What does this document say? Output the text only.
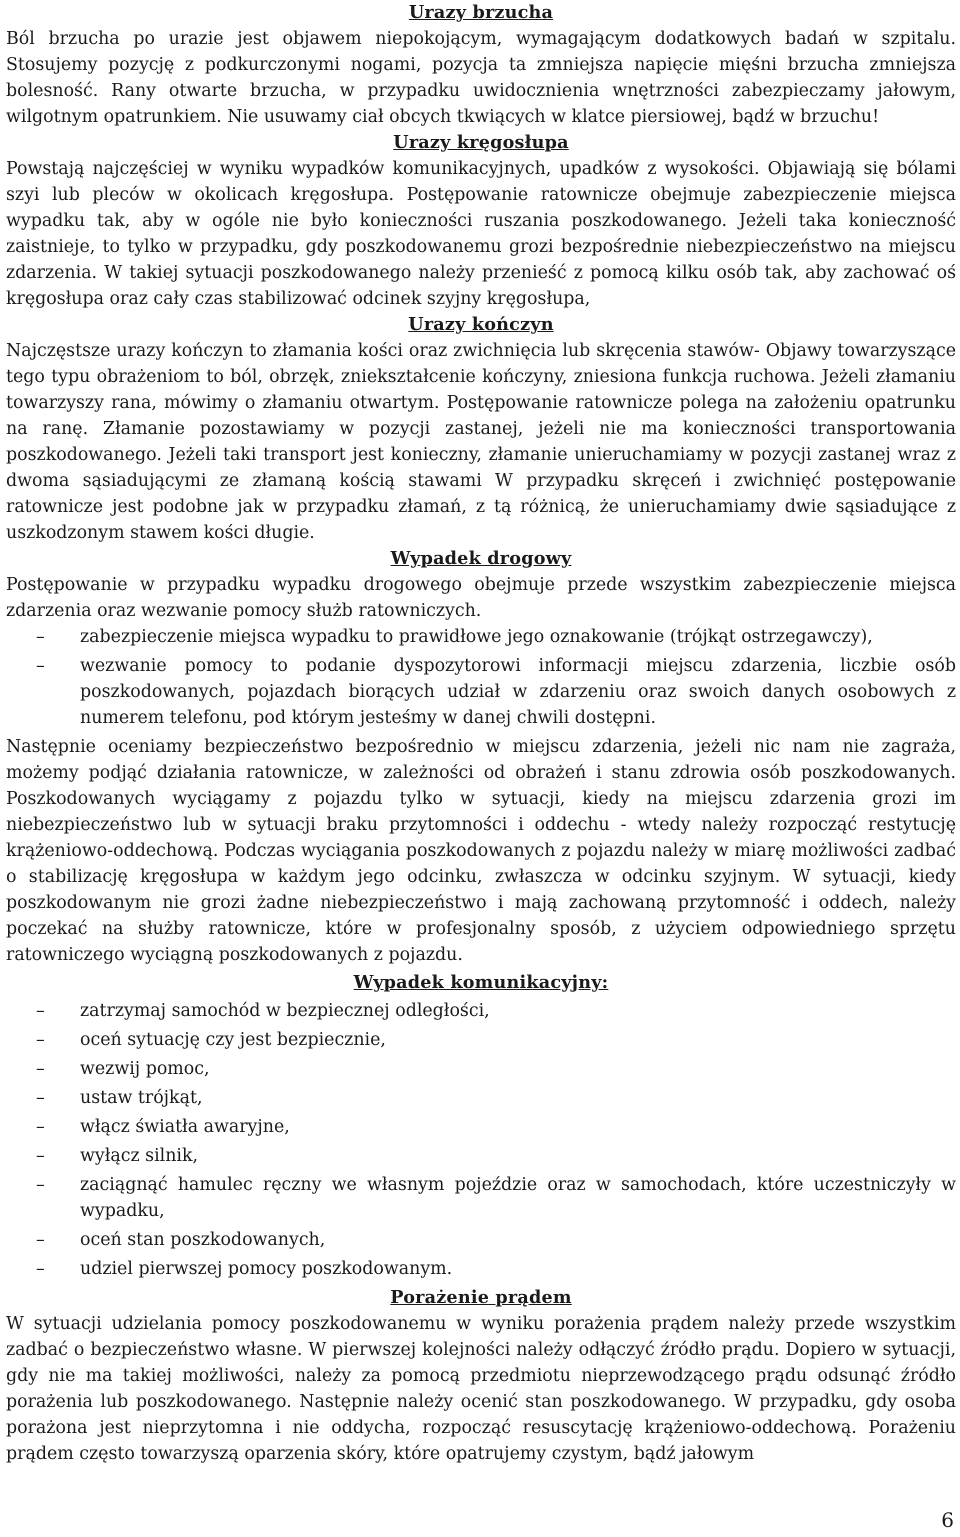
Urazy brzucha

Ból brzucha po urazie jest objawem niepokojącym, wymagającym dodatkowych badań w szpitalu. Stosujemy pozycję z podkurczonymi nogami, pozycja ta zmniejsza napięcie mięśni brzucha zmniejsza bolesność. Rany otwarte brzucha, w przypadku uwidocznienia wnętrzności zabezpieczamy jałowym, wilgotnym opatrunkiem. Nie usuwamy ciał obcych tkwiących w klatce piersiowej, bądź w brzuchu!

Urazy kręgosłupa

Powstają najczęściej w wyniku wypadków komunikacyjnych, upadków z wysokości. Objawiają się bólami szyi lub pleców w okolicach kręgosłupa. Postępowanie ratownicze obejmuje zabezpieczenie miejsca wypadku tak, aby w ogóle nie było konieczności ruszania poszkodowanego. Jeżeli taka konieczność zaistnieje, to tylko w przypadku, gdy poszkodowanemu grozi bezpośrednie niebezpieczeństwo na miejscu zdarzenia. W takiej sytuacji poszkodowanego należy przenieść z pomocą kilku osób tak, aby zachować oś kręgosłupa oraz cały czas stabilizować odcinek szyjny kręgosłupa,

Urazy kończyn

Najczęstsze urazy kończyn to złamania kości oraz zwichnięcia lub skręcenia stawów- Objawy towarzyszące tego typu obrażeniom to ból, obrzęk, zniekształcenie kończyny, zniesiona funkcja ruchowa. Jeżeli złamaniu towarzyszy rana, mówimy o złamaniu otwartym. Postępowanie ratownicze polega na założeniu opatrunku na ranę. Złamanie pozostawiamy w pozycji zastanej, jeżeli nie ma konieczności transportowania poszkodowanego. Jeżeli taki transport jest konieczny, złamanie unieruchamiamy w pozycji zastanej wraz z dwoma sąsiadującymi ze złamaną kością stawami W przypadku skręceń i zwichnięć postępowanie ratownicze jest podobne jak w przypadku złamań, z tą różnicą, że unieruchamiamy dwie sąsiadujące z uszkodzonym stawem kości długie.

Wypadek drogowy

Postępowanie w przypadku wypadku drogowego obejmuje przede wszystkim zabezpieczenie miejsca zdarzenia oraz wezwanie pomocy służb ratowniczych.

– zabezpieczenie miejsca wypadku to prawidłowe jego oznakowanie (trójkąt ostrzegawczy),
– wezwanie pomocy to podanie dyspozytorowi informacji miejscu zdarzenia, liczbie osób poszkodowanych, pojazdach biorących udział w zdarzeniu oraz swoich danych osobowych z numerem telefonu, pod którym jesteśmy w danej chwili dostępni.

Następnie oceniamy bezpieczeństwo bezpośrednio w miejscu zdarzenia, jeżeli nic nam nie zagraża, możemy podjąć działania ratownicze, w zależności od obrażeń i stanu zdrowia osób poszkodowanych. Poszkodowanych wyciągamy z pojazdu tylko w sytuacji, kiedy na miejscu zdarzenia grozi im niebezpieczeństwo lub w sytuacji braku przytomności i oddechu - wtedy należy rozpocząć restytucję krążeniowo-oddechową. Podczas wyciągania poszkodowanych z pojazdu należy w miarę możliwości zadbać o stabilizację kręgosłupa w każdym jego odcinku, zwłaszcza w odcinku szyjnym. W sytuacji, kiedy poszkodowanym nie grozi żadne niebezpieczeństwo i mają zachowaną przytomność i oddech, należy poczekać na służby ratownicze, które w profesjonalny sposób, z użyciem odpowiedniego sprzętu ratowniczego wyciągną poszkodowanych z pojazdu.

Wypadek komunikacyjny:
– zatrzymaj samochód w bezpiecznej odległości,
– oceń sytuację czy jest bezpiecznie,
– wezwij pomoc,
– ustaw trójkąt,
– włącz światła awaryjne,
– wyłącz silnik,
– zaciągnąć hamulec ręczny we własnym pojeździe oraz w samochodach, które uczestniczyły w wypadku,
– oceń stan poszkodowanych,
– udziel pierwszej pomocy poszkodowanym.
Porażenie prądem

W sytuacji udzielania pomocy poszkodowanemu w wyniku porażenia prądem należy przede wszystkim zadbać o bezpieczeństwo własne. W pierwszej kolejności należy odłączyć źródło prądu. Dopiero w sytuacji, gdy nie ma takiej możliwości, należy za pomocą przedmiotu nieprzewodzącego prądu odsunąć źródło porażenia lub poszkodowanego. Następnie należy ocenić stan poszkodowanego. W przypadku, gdy osoba porażona jest nieprzytomna i nie oddycha, rozpocząć resuscytację krążeniowo-oddechową. Porażeniu prądem często towarzyszą oparzenia skóry, które opatrujemy czystym, bądź jałowym

6
